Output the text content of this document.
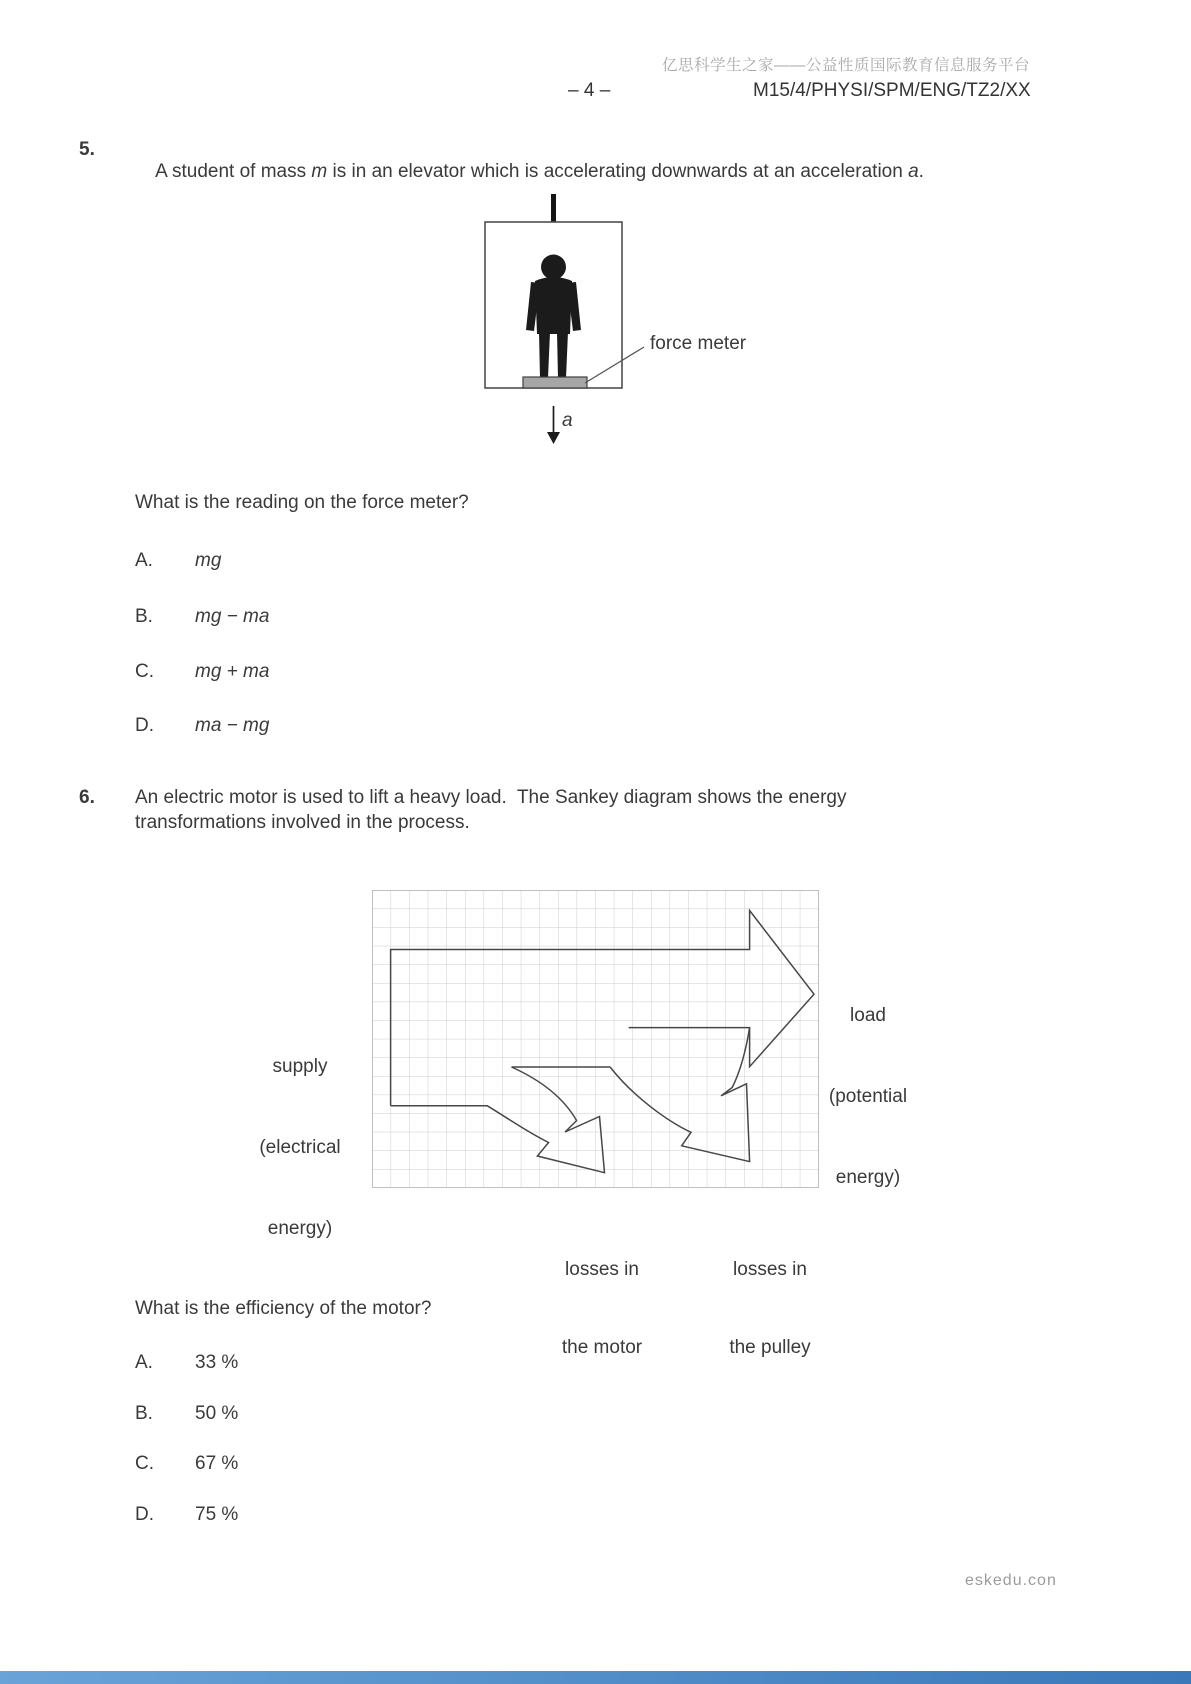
亿思科学生之家——公益性质国际教育信息服务平台
– 4 –	M15/4/PHYSI/SPM/ENG/TZ2/XX
5.

A student of mass m is in an elevator which is accelerating downwards at an acceleration a.

force meter
a
What is the reading on the force meter?
A. mg
B. mg − ma
C. mg + ma
D. ma − mg
6. An electric motor is used to lift a heavy load.  The Sankey diagram shows the energy
transformations involved in the process.

supply

(electrical

energy)

load

(potential

energy)

losses in

the motor

losses in

the pulley

What is the efficiency of the motor?
A. 33 %
B. 50 %
C. 67 %
D. 75 %
eskedu.con
